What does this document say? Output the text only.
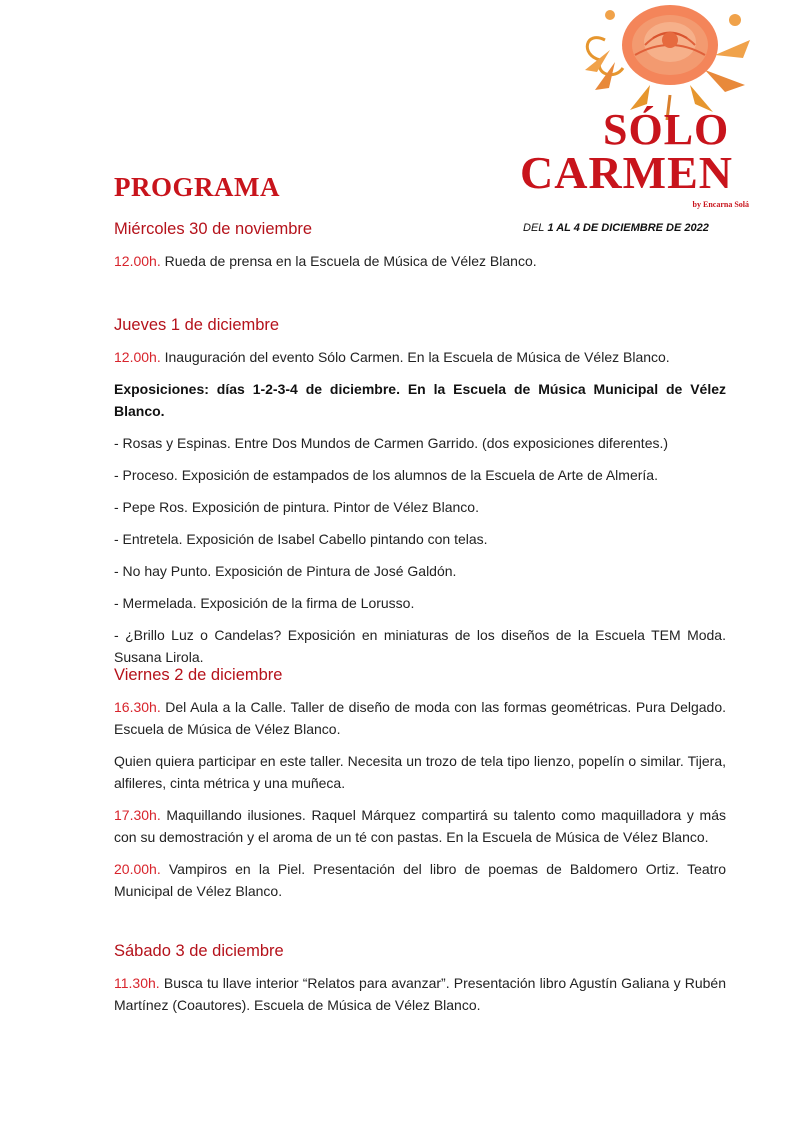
SÓLO
CARMEN
by Encarna Solá
DEL 1 AL 4 DE DICIEMBRE DE 2022
PROGRAMA

Miércoles 30 de noviembre

12.00h. Rueda de prensa en la Escuela de Música de Vélez Blanco.

Jueves 1 de diciembre

12.00h. Inauguración del evento Sólo Carmen. En la Escuela de Música de Vélez Blanco.

Exposiciones: días 1-2-3-4 de diciembre. En la Escuela de Música Municipal de Vélez Blanco.

- Rosas y Espinas. Entre Dos Mundos de Carmen Garrido. (dos exposiciones diferentes.)

- Proceso. Exposición de estampados de los alumnos de la Escuela de Arte de Almería.

- Pepe Ros. Exposición de pintura. Pintor de Vélez Blanco.

- Entretela. Exposición de Isabel Cabello pintando con telas.

- No hay Punto. Exposición de Pintura de José Galdón.

- Mermelada. Exposición de la firma de Lorusso.

- ¿Brillo Luz o Candelas? Exposición en miniaturas de los diseños de la Escuela TEM Moda. Susana Lirola.

Viernes 2 de diciembre

16.30h. Del Aula a la Calle. Taller de diseño de moda con las formas geométricas. Pura Delgado. Escuela de Música de Vélez Blanco.

Quien quiera participar en este taller. Necesita un trozo de tela tipo lienzo, popelín o similar. Tijera, alfileres, cinta métrica y una muñeca.

17.30h. Maquillando ilusiones. Raquel Márquez compartirá su talento como maquilladora y más con su demostración y el aroma de un té con pastas. En la Escuela de Música de Vélez Blanco.

20.00h. Vampiros en la Piel. Presentación del libro de poemas de Baldomero Ortiz. Teatro Municipal de Vélez Blanco.

Sábado 3 de diciembre

11.30h. Busca tu llave interior “Relatos para avanzar”. Presentación libro Agustín Galiana y Rubén Martínez (Coautores). Escuela de Música de Vélez Blanco.
